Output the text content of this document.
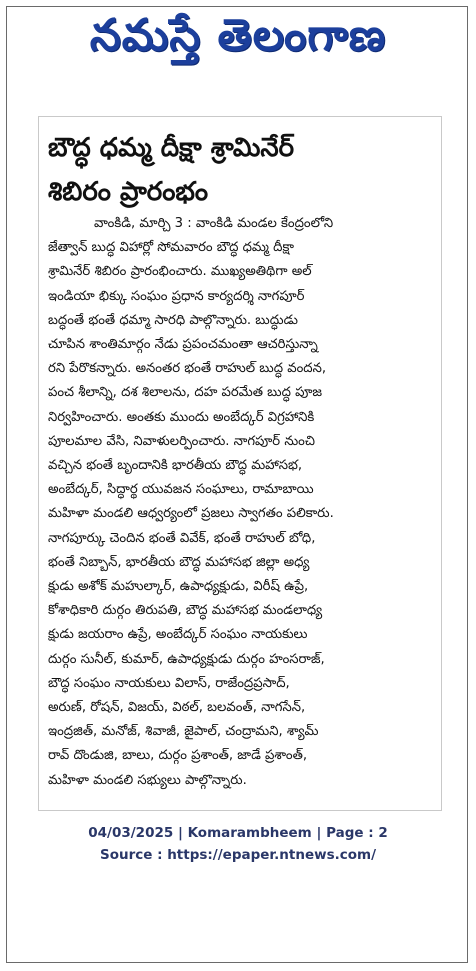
నమస్తే తెలంగాణ
బౌద్ధ ధమ్మ దీక్షా శ్రామినేర్
శిబిరం ప్రారంభం
వాంకిడి, మార్చి 3 : వాంకిడి మండల కేంద్రంలోని
జేత్వాన్ బుద్ధ విహార్లో సోమవారం బౌద్ధ ధమ్మ దీక్షా
శ్రామినేర్ శిబిరం ప్రారంభించారు. ముఖ్యఅతిథిగా అల్
ఇండియా భిక్కు సంఘం ప్రధాన కార్యదర్శి నాగపూర్
బద్ధంతే భంతే ధమ్మా సారధి పాల్గొన్నారు. బుద్ధుడు
చూపిన శాంతిమార్గం నేడు ప్రపంచమంతా ఆచరిస్తున్నా
రని పేరొకన్నారు. అనంతర భంతే రాహుల్ బుద్ధ వందన,
పంచ శీలాన్ని, దశ శిలాలను, దహ పరమేత బుద్ధ పూజ
నిర్వహించారు. అంతకు ముందు అంబేద్కర్ విగ్రహానికి
పూలమాల వేసి, నివాళులర్పించారు. నాగపూర్ నుంచి
వచ్చిన భంతే బృందానికి భారతీయ బౌద్ధ మహాసభ,
అంబేద్కర్, సిద్ధార్థ యువజన సంఘాలు, రామాబాయి
మహిళా మండలి ఆధ్వర్యంలో ప్రజలు స్వాగతం పలికారు.
నాగపూర్కు చెందిన భంతే వివేక్, భంతే రాహుల్ బోధి,
భంతే నిబ్బాన్, భారతీయ బౌద్ధ మహాసభ జిల్లా అధ్య
క్షుడు అశోక్ మహుల్కార్, ఉపాధ్యక్షుడు, విరీష్ ఉప్రే,
కోశాధికారి దుర్గం తిరుపతి, బౌద్ధ మహాసభ మండలాధ్య
క్షుడు జయరాం ఉప్రే, అంబేద్కర్ సంఘం నాయకులు
దుర్గం సునీల్, కుమార్, ఉపాధ్యక్షుడు దుర్గం హంసరాజ్,
బౌద్ధ సంఘం నాయకులు విలాస్, రాజేంద్రప్రసాద్,
అరుణ్, రోషన్, విజయ్, విఠల్, బలవంత్, నాగసేన్,
ఇంద్రజిత్, మనోజ్, శివాజీ, జైపాల్, చంద్రామని, శ్యామ్
రావ్ దొండుజి, బాలు, దుర్గం ప్రశాంత్, జాడే ప్రశాంత్,
మహిళా మండలి సభ్యులు పాల్గొన్నారు.

04/03/2025 | Komarambheem | Page : 2
Source : https://epaper.ntnews.com/
